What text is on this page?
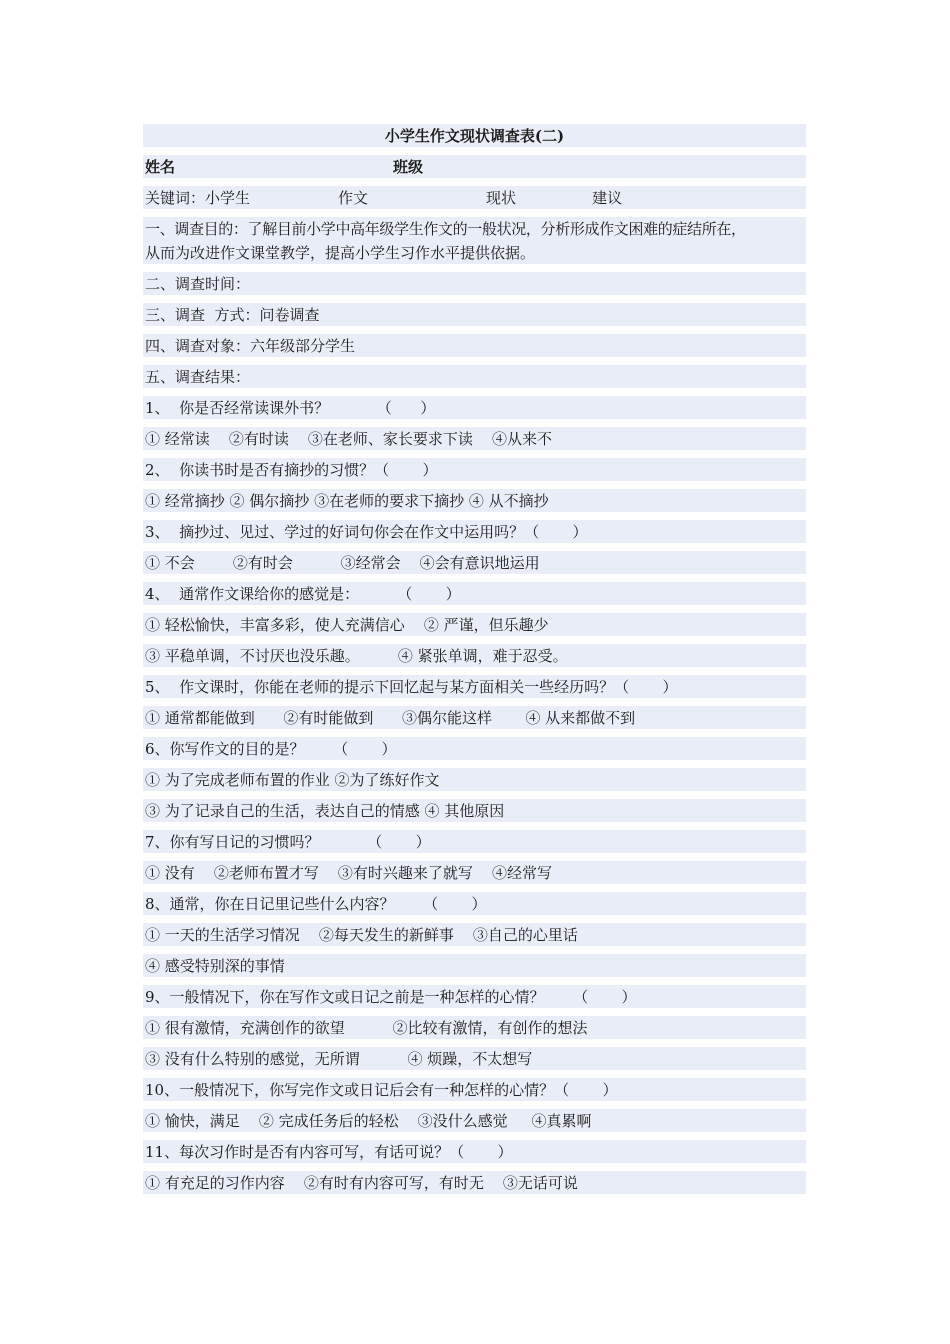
小学生作文现状调查表(二)
姓名	班级
关键词：小学生	作文	现状	建议
一、调查目的：了解目前小学中高年级学生作文的一般状况，分析形成作文困难的症结所在，
从而为改进作文课堂教学，提高小学生习作水平提供依据。
二、调查时间：
三、调查  方式：问卷调查
四、调查对象：六年级部分学生
五、调查结果：
1、  你是否经常读课外书？          （      ）
① 经常读    ②有时读    ③在老师、家长要求下读    ④从来不
2、  你读书时是否有摘抄的习惯？（       ）
① 经常摘抄 ② 偶尔摘抄 ③在老师的要求下摘抄 ④ 从不摘抄
3、  摘抄过、见过、学过的好词句你会在作文中运用吗？（       ）
① 不会        ②有时会          ③经常会    ④会有意识地运用
4、  通常作文课给你的感觉是：        （       ）
① 轻松愉快，丰富多彩，使人充满信心    ② 严谨，但乐趣少
③ 平稳单调，不讨厌也没乐趣。        ④ 紧张单调，难于忍受。
5、  作文课时，你能在老师的提示下回忆起与某方面相关一些经历吗？（       ）
① 通常都能做到      ②有时能做到      ③偶尔能这样       ④ 从来都做不到
6、你写作文的目的是？      （       ）
① 为了完成老师布置的作业 ②为了练好作文
③ 为了记录自己的生活，表达自己的情感 ④ 其他原因
7、你有写日记的习惯吗？          （       ）
① 没有    ②老师布置才写    ③有时兴趣来了就写    ④经常写
8、通常，你在日记里记些什么内容？      （       ）
① 一天的生活学习情况    ②每天发生的新鲜事    ③自己的心里话
④ 感受特别深的事情
9、一般情况下，你在写作文或日记之前是一种怎样的心情？      （       ）
① 很有激情，充满创作的欲望          ②比较有激情，有创作的想法
③ 没有什么特别的感觉，无所谓          ④ 烦躁，不太想写
10、一般情况下，你写完作文或日记后会有一种怎样的心情？（       ）
① 愉快，满足    ② 完成任务后的轻松    ③没什么感觉     ④真累啊
11、每次习作时是否有内容可写，有话可说？（       ）
① 有充足的习作内容    ②有时有内容可写，有时无    ③无话可说
